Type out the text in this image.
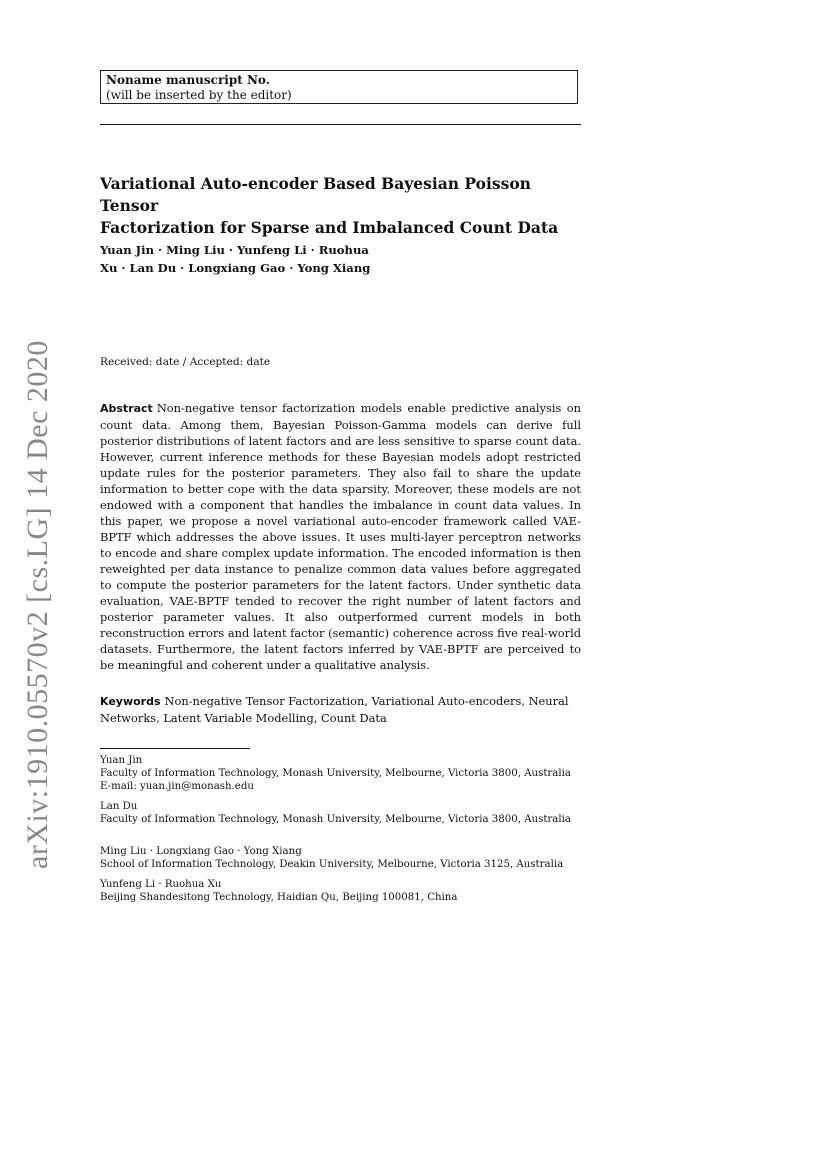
arXiv:1910.05570v2 [cs.LG] 14 Dec 2020
Noname manuscript No.
(will be inserted by the editor)
Variational Auto-encoder Based Bayesian Poisson Tensor
Factorization for Sparse and Imbalanced Count Data
Yuan Jin · Ming Liu · Yunfeng Li · Ruohua
Xu · Lan Du · Longxiang Gao · Yong Xiang
Received: date / Accepted: date

Abstract Non-negative tensor factorization models enable predictive analysis on count data. Among them, Bayesian Poisson-Gamma models can derive full posterior distributions of latent factors and are less sensitive to sparse count data. However, current inference methods for these Bayesian models adopt restricted update rules for the posterior parameters. They also fail to share the update information to better cope with the data sparsity. Moreover, these models are not endowed with a component that handles the imbalance in count data values. In this paper, we propose a novel variational auto-encoder framework called VAE-BPTF which addresses the above issues. It uses multi-layer perceptron networks to encode and share complex update information. The encoded information is then reweighted per data instance to penalize common data values before aggregated to compute the posterior parameters for the latent factors. Under synthetic data evaluation, VAE-BPTF tended to recover the right number of latent factors and posterior parameter values. It also outperformed current models in both reconstruction errors and latent factor (semantic) coherence across five real-world datasets. Furthermore, the latent factors inferred by VAE-BPTF are perceived to be meaningful and coherent under a qualitative analysis.

Keywords Non-negative Tensor Factorization, Variational Auto-encoders, Neural Networks, Latent Variable Modelling, Count Data

Yuan Jin
Faculty of Information Technology, Monash University, Melbourne, Victoria 3800, Australia
E-mail: yuan.jin@monash.edu
Lan Du
Faculty of Information Technology, Monash University, Melbourne, Victoria 3800, Australia
Ming Liu · Longxiang Gao · Yong Xiang
School of Information Technology, Deakin University, Melbourne, Victoria 3125, Australia
Yunfeng Li · Ruohua Xu
Beijing Shandesitong Technology, Haidian Qu, Beijing 100081, China
